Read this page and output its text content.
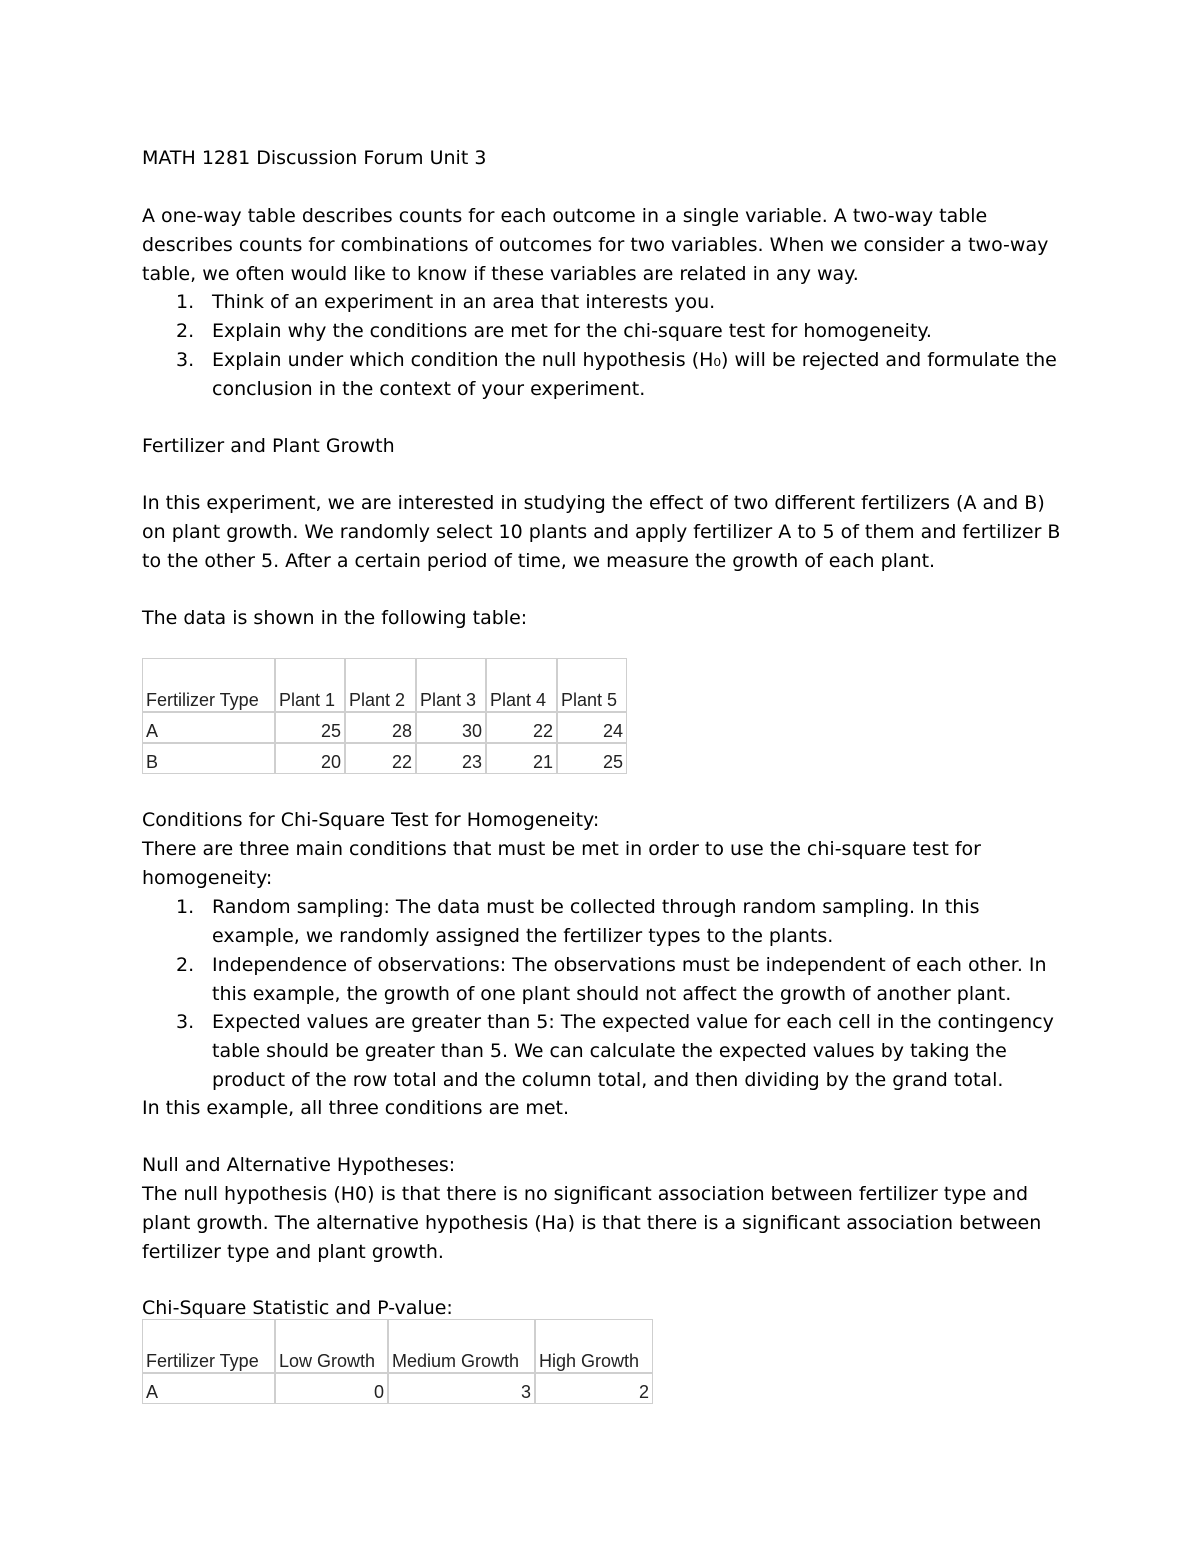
MATH 1281 Discussion Forum Unit 3
A one-way table describes counts for each outcome in a single variable. A two-way table
describes counts for combinations of outcomes for two variables. When we consider a two-way
table, we often would like to know if these variables are related in any way.
1. Think of an experiment in an area that interests you.
2. Explain why the conditions are met for the chi-square test for homogeneity.
3. Explain under which condition the null hypothesis (H₀) will be rejected and formulate the
conclusion in the context of your experiment.
Fertilizer and Plant Growth
In this experiment, we are interested in studying the effect of two different fertilizers (A and B)
on plant growth. We randomly select 10 plants and apply fertilizer A to 5 of them and fertilizer B
to the other 5. After a certain period of time, we measure the growth of each plant.
The data is shown in the following table:
Fertilizer Type	Plant 1	Plant 2	Plant 3	Plant 4	Plant 5
A	25	28	30	22	24
B	20	22	23	21	25
Conditions for Chi-Square Test for Homogeneity:
There are three main conditions that must be met in order to use the chi-square test for
homogeneity:
1. Random sampling: The data must be collected through random sampling. In this
example, we randomly assigned the fertilizer types to the plants.
2. Independence of observations: The observations must be independent of each other. In
this example, the growth of one plant should not affect the growth of another plant.
3. Expected values are greater than 5: The expected value for each cell in the contingency
table should be greater than 5. We can calculate the expected values by taking the
product of the row total and the column total, and then dividing by the grand total.
In this example, all three conditions are met.
Null and Alternative Hypotheses:
The null hypothesis (H0) is that there is no significant association between fertilizer type and
plant growth. The alternative hypothesis (Ha) is that there is a significant association between
fertilizer type and plant growth.
Chi-Square Statistic and P-value:
Fertilizer Type	Low Growth	Medium Growth	High Growth
A	0	3	2
